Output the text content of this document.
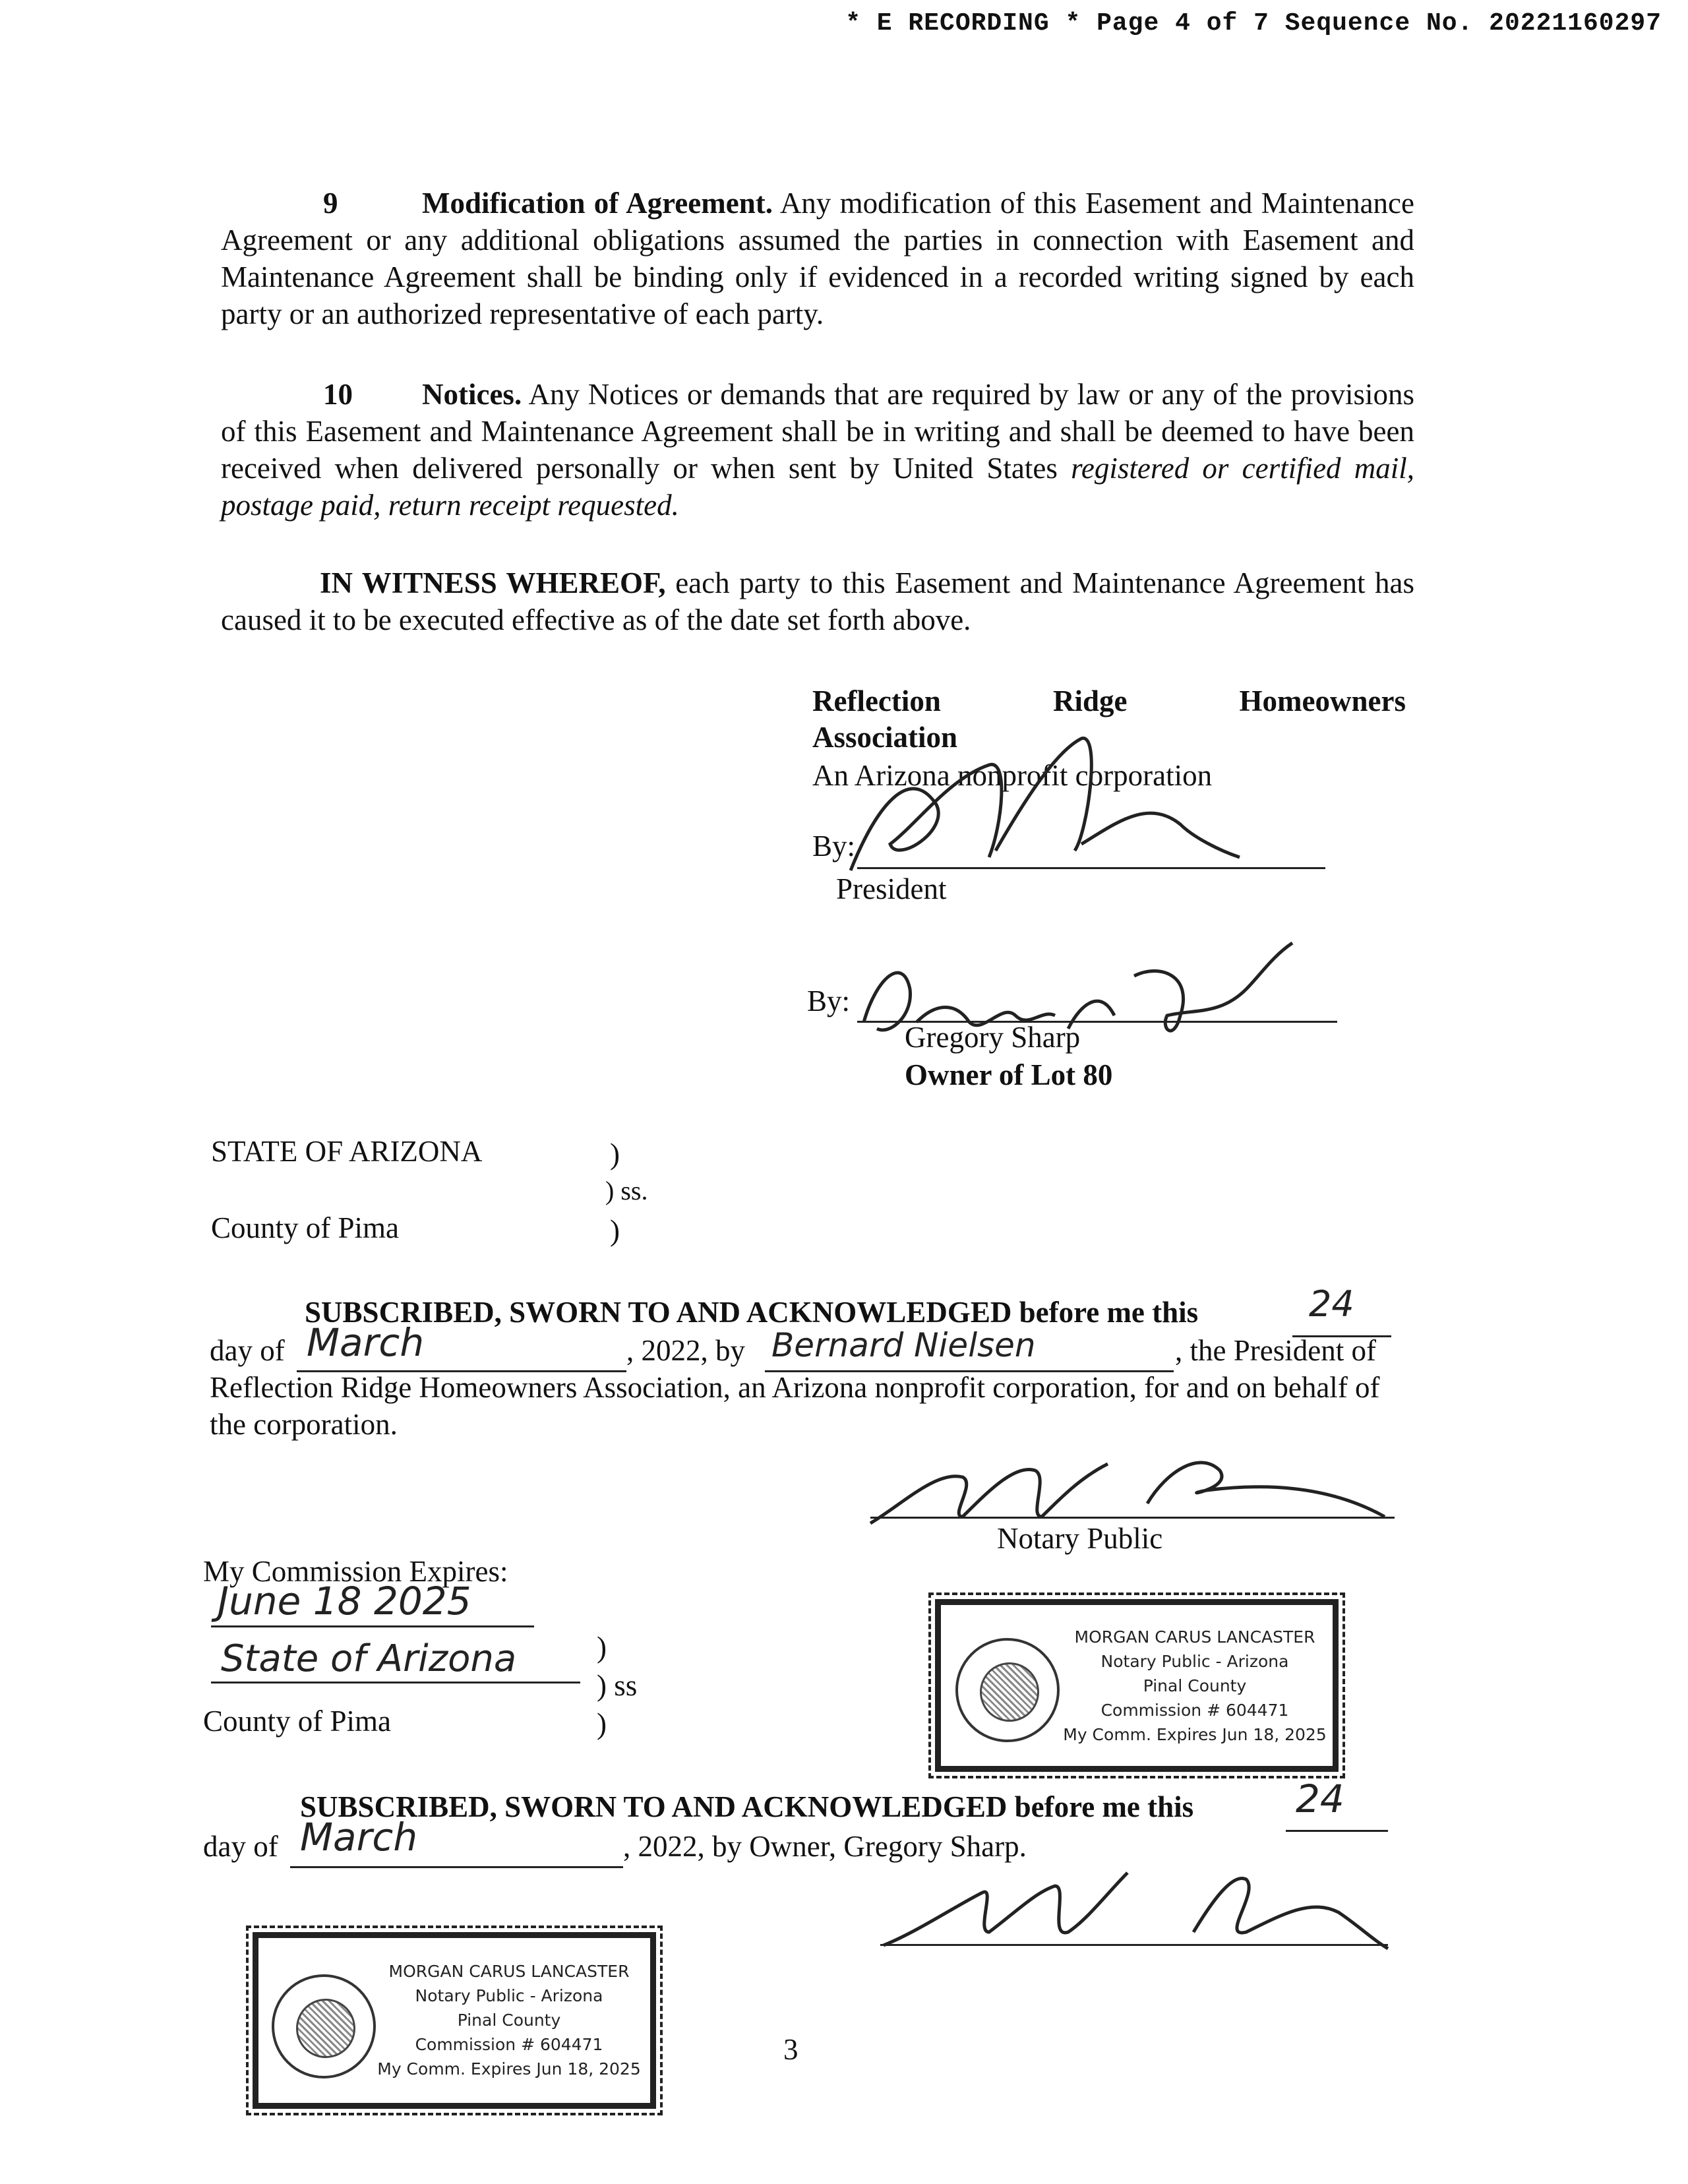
* E RECORDING * Page 4 of 7 Sequence No. 20221160297
9	Modification of Agreement. Any modification of this Easement and Maintenance Agreement or any additional obligations assumed the parties in connection with Easement and Maintenance Agreement shall be binding only if evidenced in a recorded writing signed by each party or an authorized representative of each party.
10 Notices. Any Notices or demands that are required by law or any of the provisions of this Easement and Maintenance Agreement shall be in writing and shall be deemed to have been received when delivered personally or when sent by United States registered or certified mail, postage paid, return receipt requested.
IN WITNESS WHEREOF, each party to this Easement and Maintenance Agreement has caused it to be executed effective as of the date set forth above.
Reflection Ridge Homeowners
Association
An Arizona nonprofit corporation
By:
President
By:
Gregory Sharp
Owner of Lot 80
STATE OF ARIZONA	)
) ss.
County of Pima	)
SUBSCRIBED, SWORN TO AND ACKNOWLEDGED before me this	24
day of March	, 2022, by Bernard Nielsen	, the President of
Reflection Ridge Homeowners Association, an Arizona nonprofit corporation, for and on behalf of the corporation.
Notary Public
My Commission Expires:
June 18 2025
State of Arizona	)
) ss
County of Pima	)
MORGAN CARUS LANCASTER
Notary Public - Arizona
Pinal County
Commission # 604471
My Comm. Expires Jun 18, 2025
SUBSCRIBED, SWORN TO AND ACKNOWLEDGED before me this	24
day of March	, 2022, by Owner, Gregory Sharp.
MORGAN CARUS LANCASTER
Notary Public - Arizona
Pinal County
Commission # 604471
My Comm. Expires Jun 18, 2025
3
